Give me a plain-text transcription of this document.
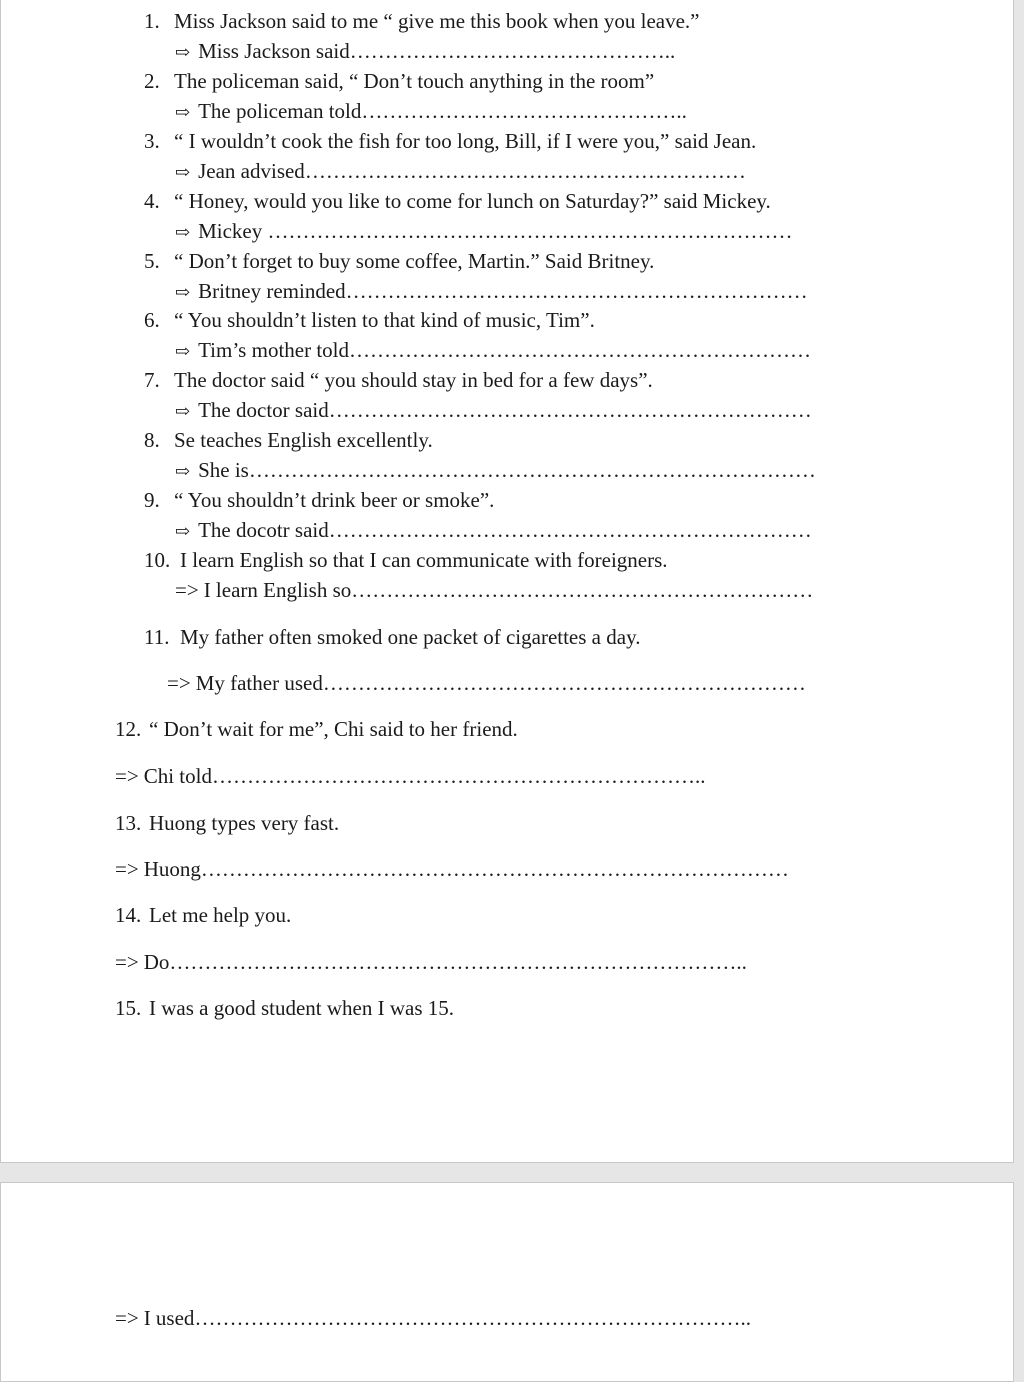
1. Miss Jackson said to me “ give me this book when you leave.”
⇨ Miss Jackson said………………………………………..
2. The policeman said, “ Don’t touch anything in the room”
⇨ The policeman told………………………………………..
3. “ I wouldn’t cook the fish for too long, Bill, if I were you,” said Jean.
⇨ Jean advised………………………………………………………
4. “ Honey, would you like to come for lunch on Saturday?” said Mickey.
⇨ Mickey …………………………………………………………………
5. “ Don’t forget to buy some coffee, Martin.” Said Britney.
⇨ Britney reminded…………………………………………………………
6. “ You shouldn’t listen to that kind of music, Tim”.
⇨ Tim’s mother told…………………………………………………………
7. The doctor said “ you should stay in bed for a few days”.
⇨ The doctor said……………………………………………………………
8. Se teaches English excellently.
⇨ She is………………………………………………………………………
9. “ You shouldn’t drink beer or smoke”.
⇨ The docotr said……………………………………………………………
10. I learn English so that I can communicate with foreigners.
=> I learn English so…………………………………………………………
11. My father often smoked one packet of cigarettes a day.
=> My father used……………………………………………………………
12. “ Don’t wait for me”, Chi said to her friend.
=> Chi told……………………………………………………………..
13. Huong types very fast.
=> Huong…………………………………………………………………………
14. Let me help you.
=> Do………………………………………………………………………..
15. I was a good student when I was 15.
=> I used……………………………………………………………………..
